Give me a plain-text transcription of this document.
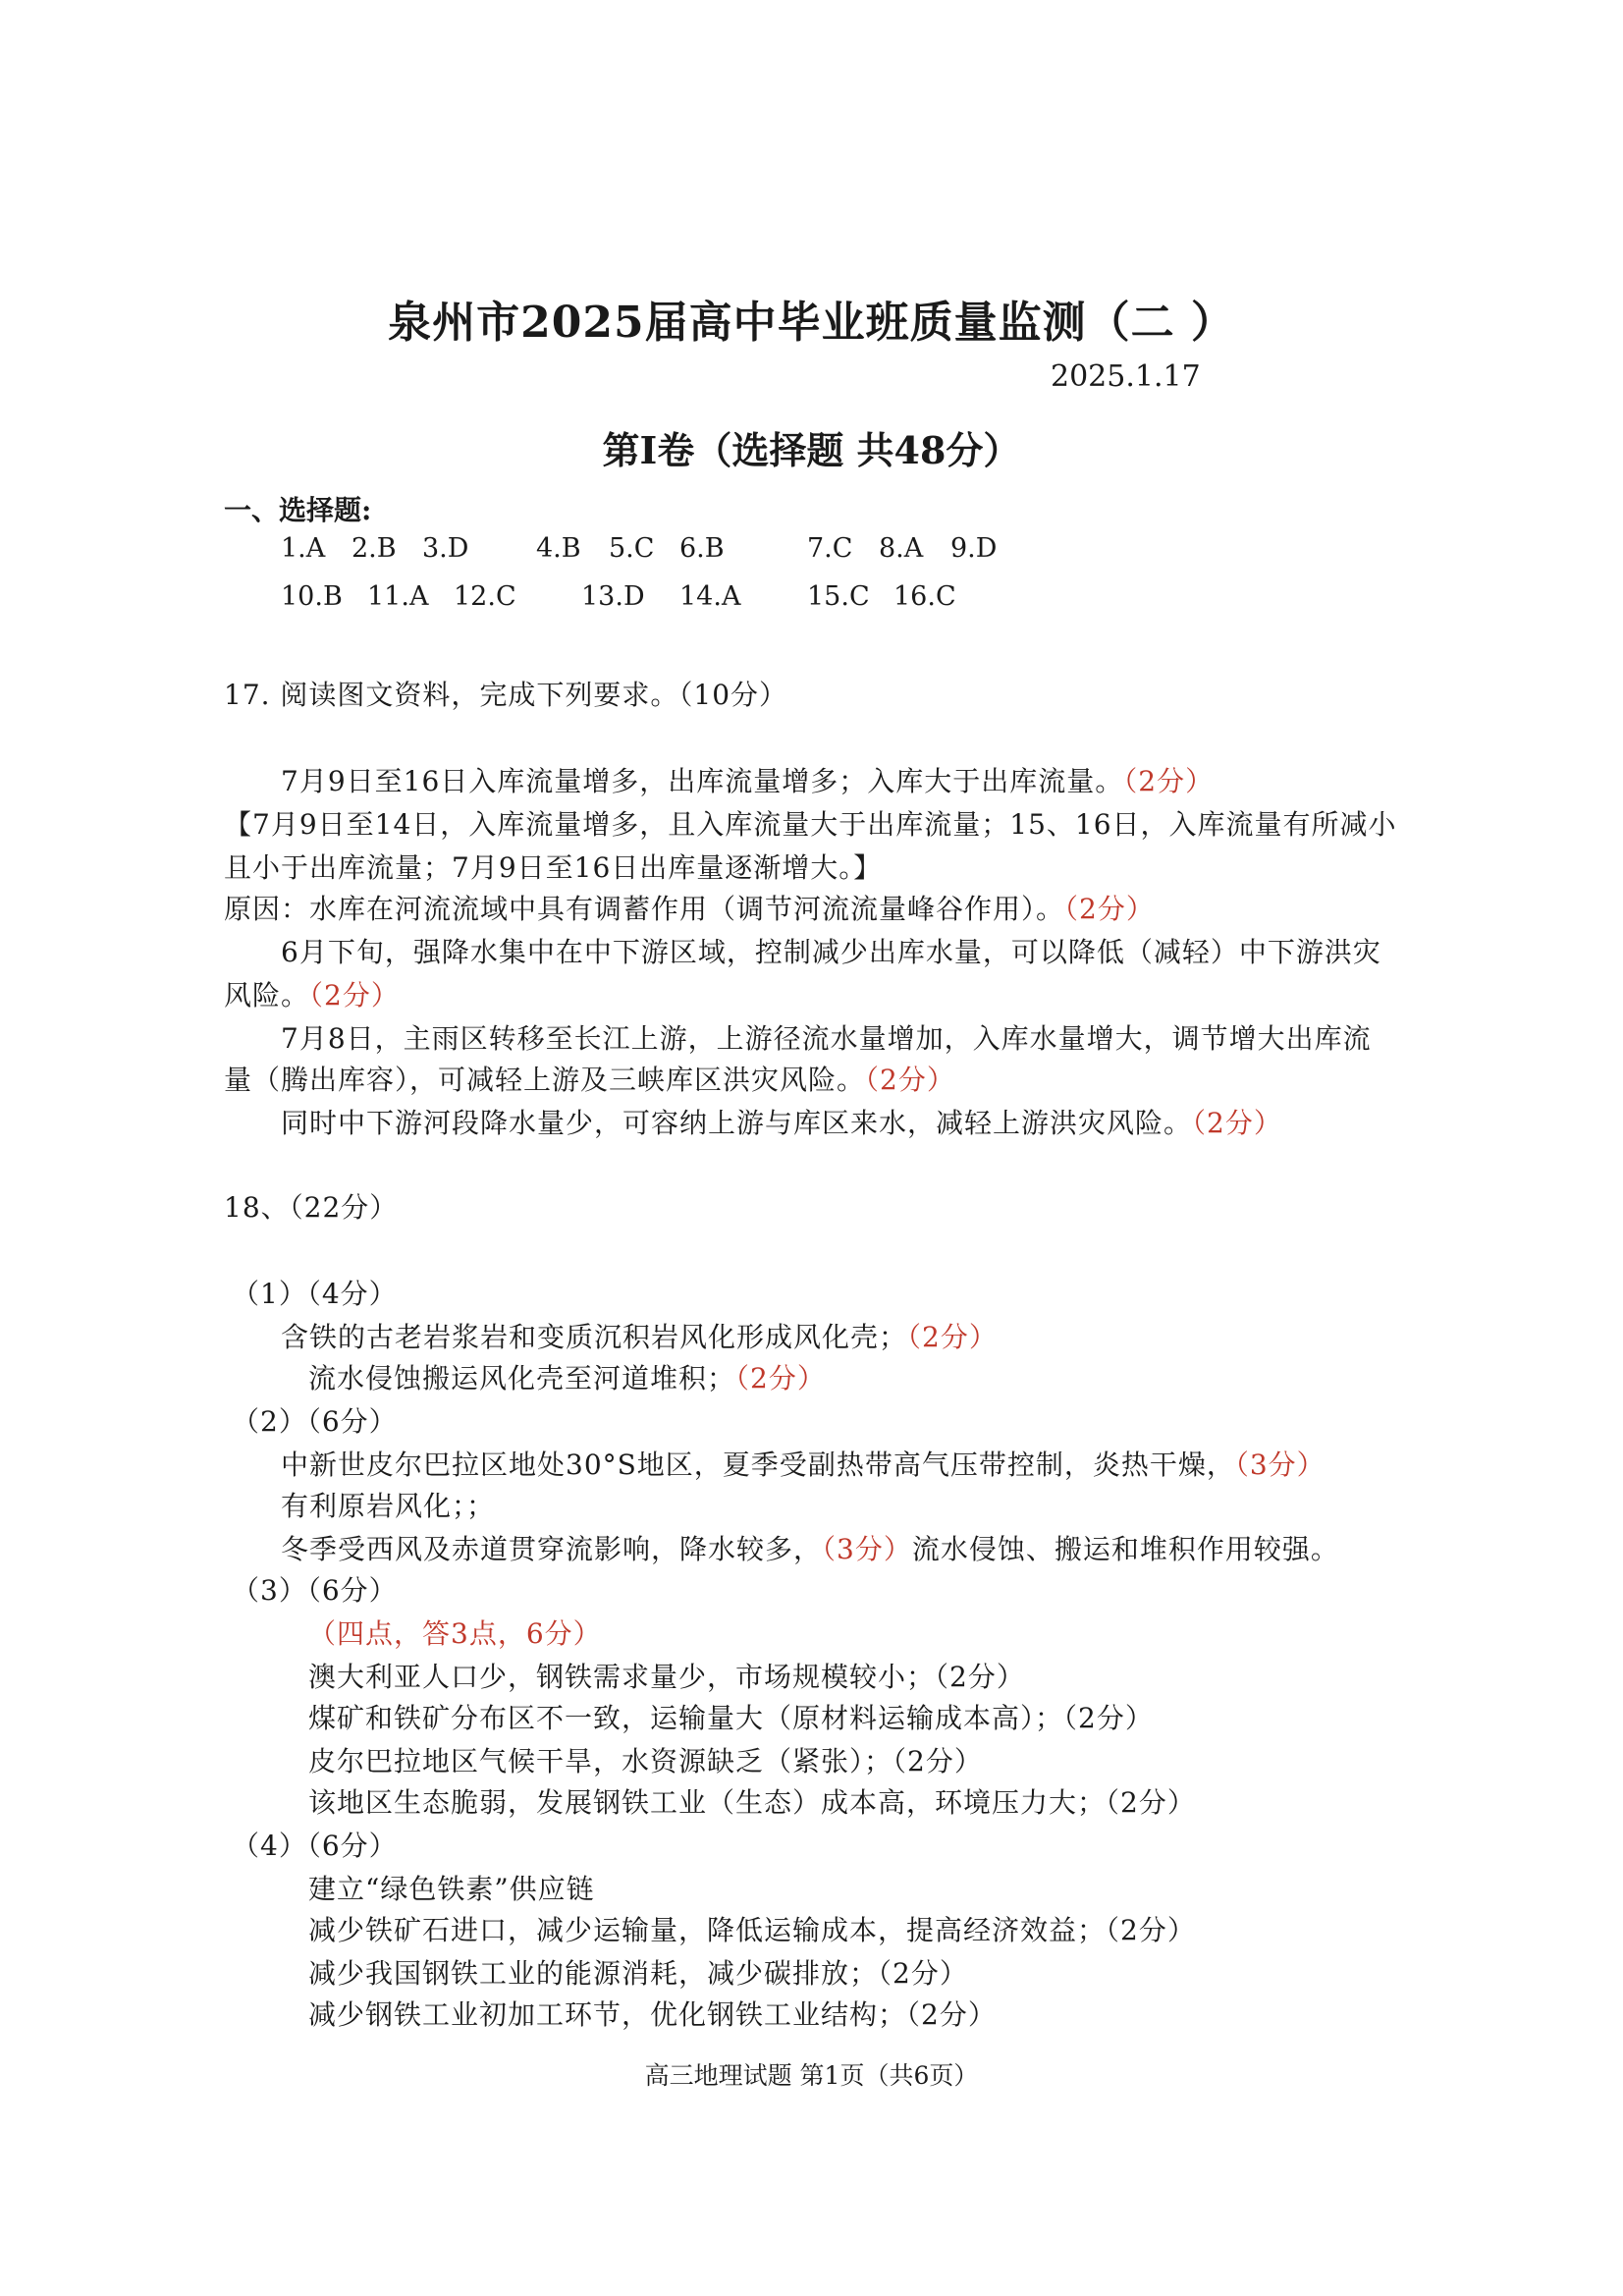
泉州市2025届高中毕业班质量监测（二 ）
2025.1.17
第Ⅰ卷（选择题 共48分）
一、选择题:
1.A 2.B 3.D	4.B 5.C 6.B	7.C 8.A 9.D
10.B 11.A 12.C 13.D 14.A	15.C 16.C
17. 阅读图文资料，完成下列要求。（10分）
7月9日至16日入库流量增多，出库流量增多；入库大于出库流量。（2分）
【7月9日至14日，入库流量增多，且入库流量大于出库流量；15、16日，入库流量有所减小
且小于出库流量；7月9日至16日出库量逐渐增大。】
原因：水库在河流流域中具有调蓄作用（调节河流流量峰谷作用）。（2分）
6月下旬，强降水集中在中下游区域，控制减少出库水量，可以降低（减轻）中下游洪灾
风险。（2分）
7月8日，主雨区转移至长江上游，上游径流水量增加，入库水量增大，调节增大出库流
量（腾出库容），可减轻上游及三峡库区洪灾风险。（2分）
同时中下游河段降水量少，可容纳上游与库区来水，减轻上游洪灾风险。（2分）
18、（22分）
（1）（4分）
含铁的古老岩浆岩和变质沉积岩风化形成风化壳；（2分）
流水侵蚀搬运风化壳至河道堆积；（2分）
（2）（6分）
中新世皮尔巴拉区地处30°S地区，夏季受副热带高气压带控制，炎热干燥，（3分）
有利原岩风化；；
冬季受西风及赤道贯穿流影响，降水较多，（3分）流水侵蚀、搬运和堆积作用较强。
（3）（6分）
（四点，答3点，6分）
澳大利亚人口少，钢铁需求量少，市场规模较小；（2分）
煤矿和铁矿分布区不一致，运输量大（原材料运输成本高）；（2分）
皮尔巴拉地区气候干旱，水资源缺乏（紧张）；（2分）
该地区生态脆弱，发展钢铁工业（生态）成本高，环境压力大；（2分）
（4）（6分）
建立“绿色铁素”供应链
减少铁矿石进口，减少运输量，降低运输成本，提高经济效益；（2分）
减少我国钢铁工业的能源消耗，减少碳排放；（2分）
减少钢铁工业初加工环节，优化钢铁工业结构；（2分）
高三地理试题 第1页（共6页）
